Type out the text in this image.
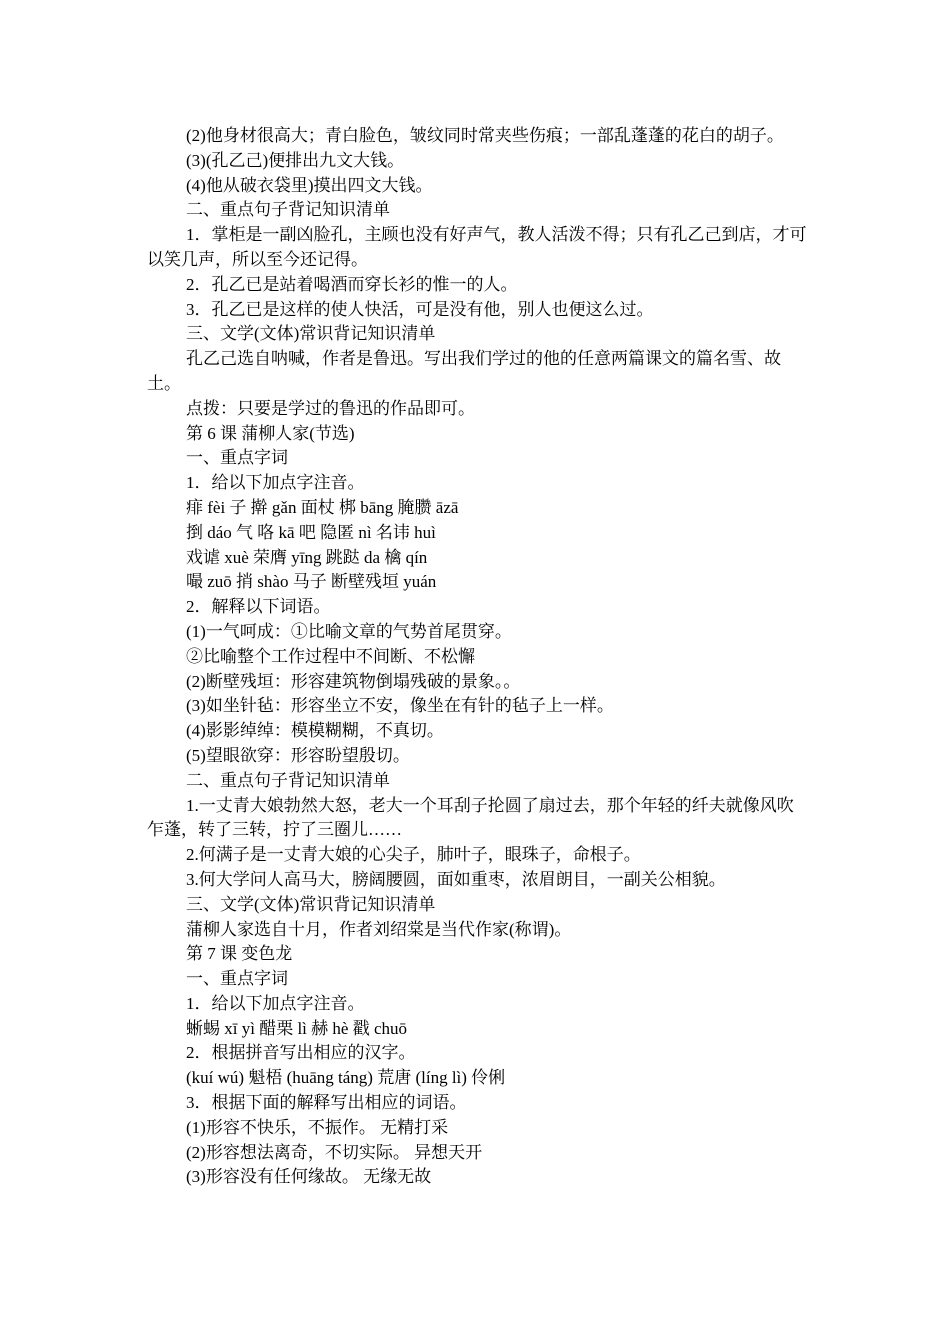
(2)他身材很高大；青白脸色，皱纹同时常夹些伤痕；一部乱蓬蓬的花白的胡子。

(3)(孔乙己)便排出九文大钱。

(4)他从破衣袋里)摸出四文大钱。

二、重点句子背记知识清单

1．掌柜是一副凶脸孔，主顾也没有好声气，教人活泼不得；只有孔乙己到店，才可以笑几声，所以至今还记得。

2．孔乙已是站着喝酒而穿长衫的惟一的人。

3．孔乙已是这样的使人快活，可是没有他，别人也便这么过。

三、文学(文体)常识背记知识清单

孔乙己选自呐喊，作者是鲁迅。写出我们学过的他的任意两篇课文的篇名雪、故土。

点拨：只要是学过的鲁迅的作品即可。

第 6 课 蒲柳人家(节选)

一、重点字词

1．给以下加点字注音。

痱 fèi 子 擀 gǎn 面杖 梆 bāng 腌臜 āzā

捯 dáo 气 咯 kā 吧 隐匿 nì 名讳 huì

戏谑 xuè 荣膺 yīng 跳跶 da 檎 qín

嘬 zuō 捎 shào 马子 断壁残垣 yuán

2．解释以下词语。

(1)一气呵成：①比喻文章的气势首尾贯穿。

②比喻整个工作过程中不间断、不松懈

(2)断壁残垣：形容建筑物倒塌残破的景象。。

(3)如坐针毡：形容坐立不安，像坐在有针的毡子上一样。

(4)影影绰绰：模模糊糊，不真切。

(5)望眼欲穿：形容盼望殷切。

二、重点句子背记知识清单

1.一丈青大娘勃然大怒，老大一个耳刮子抡圆了扇过去，那个年轻的纤夫就像风吹乍蓬，转了三转，拧了三圈儿……

2.何满子是一丈青大娘的心尖子，肺叶子，眼珠子，命根子。

3.何大学问人高马大，膀阔腰圆，面如重枣，浓眉朗目，一副关公相貌。

三、文学(文体)常识背记知识清单

蒲柳人家选自十月，作者刘绍棠是当代作家(称谓)。

第 7 课 变色龙

一、重点字词

1．给以下加点字注音。

蜥蜴 xī yì 醋栗 lì 赫 hè 戳 chuō

2．根据拼音写出相应的汉字。

(kuí wú) 魁梧 (huāng táng) 荒唐 (líng lì) 伶俐

3．根据下面的解释写出相应的词语。

(1)形容不快乐，不振作。 无精打采

(2)形容想法离奇，不切实际。 异想天开

(3)形容没有任何缘故。 无缘无故
